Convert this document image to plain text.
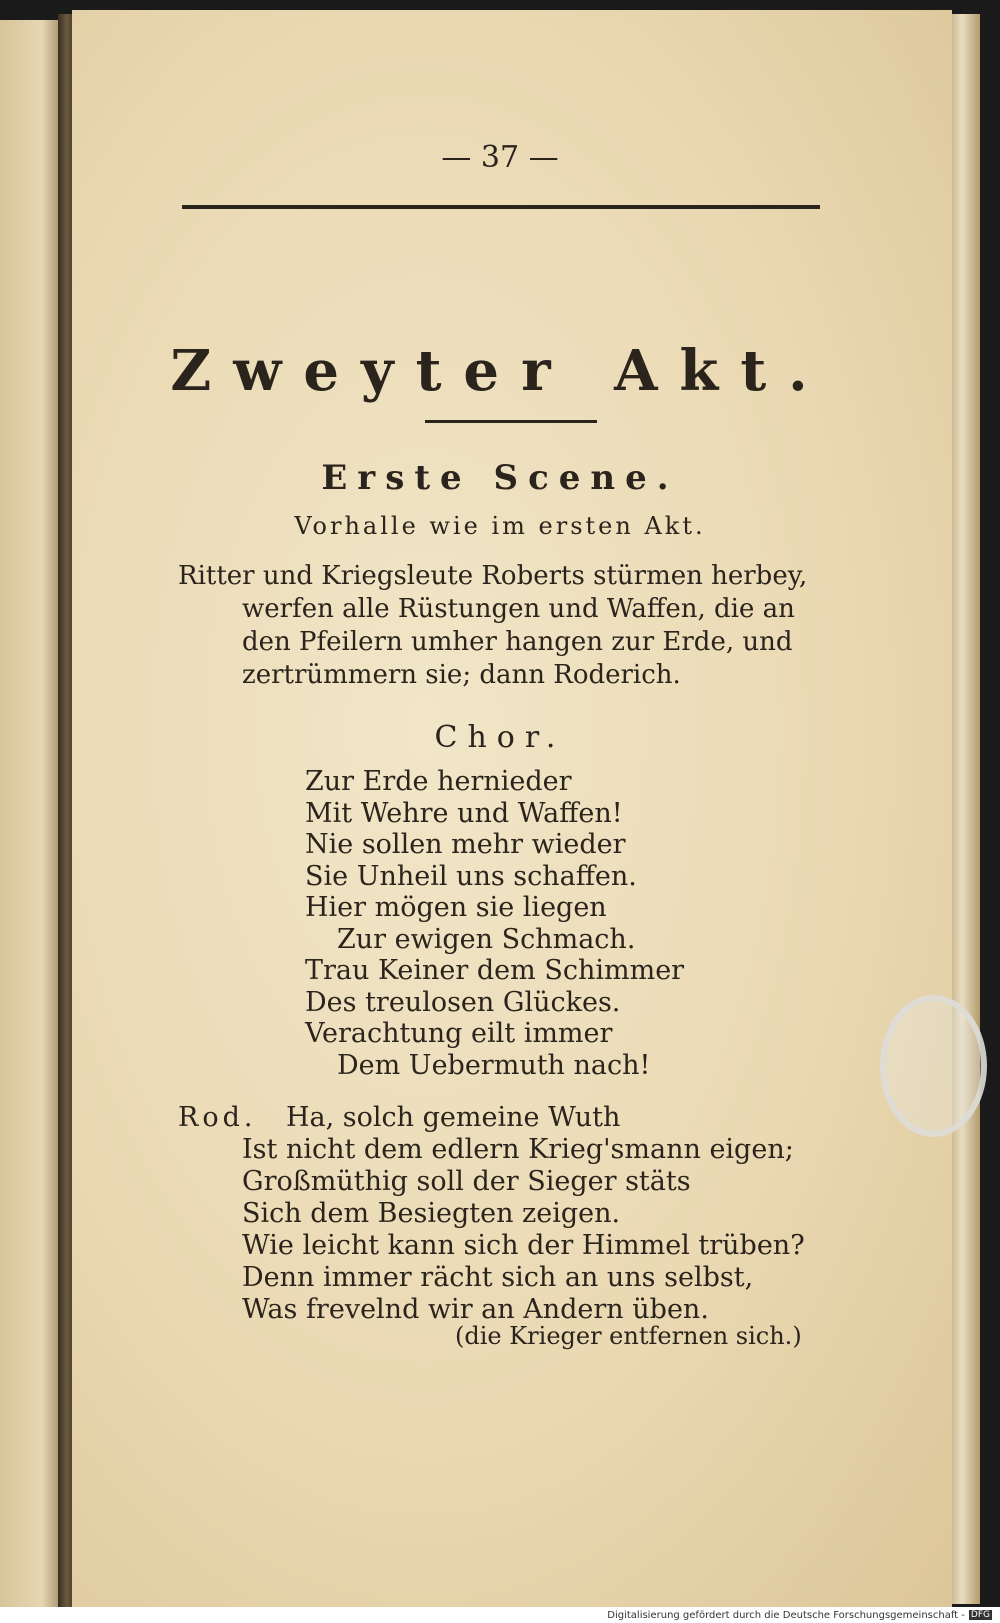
— 37 —
Zweyter Akt.
Erste Scene.
Vorhalle wie im ersten Akt.
Ritter und Kriegsleute Roberts stürmen herbey,
werfen alle Rüstungen und Waffen, die an
den Pfeilern umher hangen zur Erde, und
zertrümmern sie; dann Roderich.
Chor.
Zur Erde hernieder
Mit Wehre und Waffen!
Nie sollen mehr wieder
Sie Unheil uns schaffen.
Hier mögen sie liegen
Zur ewigen Schmach.
Trau Keiner dem Schimmer
Des treulosen Glückes.
Verachtung eilt immer
Dem Uebermuth nach!
Rod. Ha, solch gemeine Wuth
Ist nicht dem edlern Krieg'smann eigen;
Großmüthig soll der Sieger stäts
Sich dem Besiegten zeigen.
Wie leicht kann sich der Himmel trüben?
Denn immer rächt sich an uns selbst,
Was frevelnd wir an Andern üben.
(die Krieger entfernen sich.)
Digitalisierung gefördert durch die Deutsche Forschungsgemeinschaft - DFG
